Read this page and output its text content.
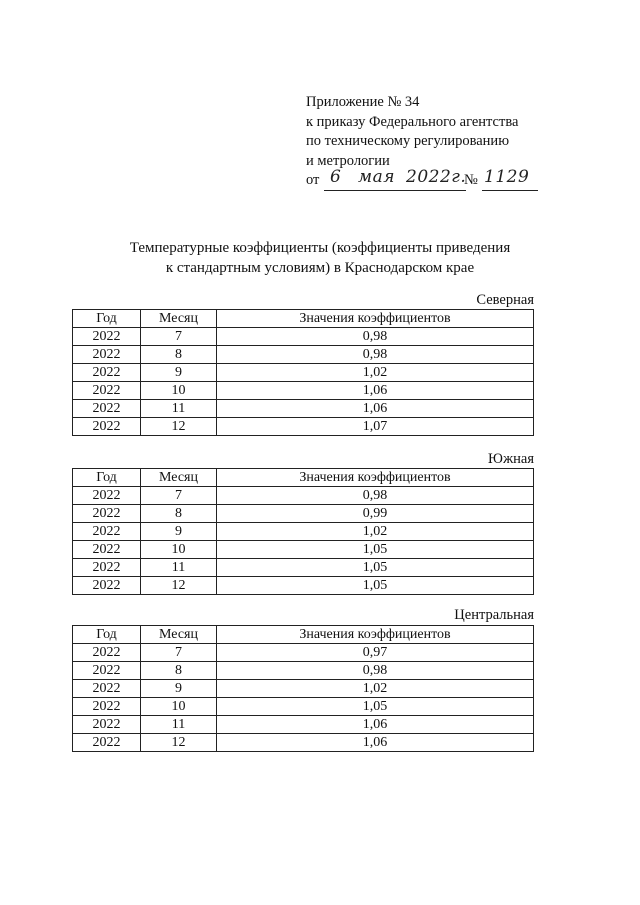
Приложение № 34
к приказу Федерального агентства
по техническому регулированию
и метрологии
от 6 мая 2022г.
№ 1129
Температурные коэффициенты (коэффициенты приведения
к стандартным условиям) в Краснодарском крае
Северная
Год	Месяц	Значения коэффициентов
2022	7	0,98
2022	8	0,98
2022	9	1,02
2022	10	1,06
2022	11	1,06
2022	12	1,07
Южная
Год	Месяц	Значения коэффициентов
2022	7	0,98
2022	8	0,99
2022	9	1,02
2022	10	1,05
2022	11	1,05
2022	12	1,05
Центральная
Год	Месяц	Значения коэффициентов
2022	7	0,97
2022	8	0,98
2022	9	1,02
2022	10	1,05
2022	11	1,06
2022	12	1,06
